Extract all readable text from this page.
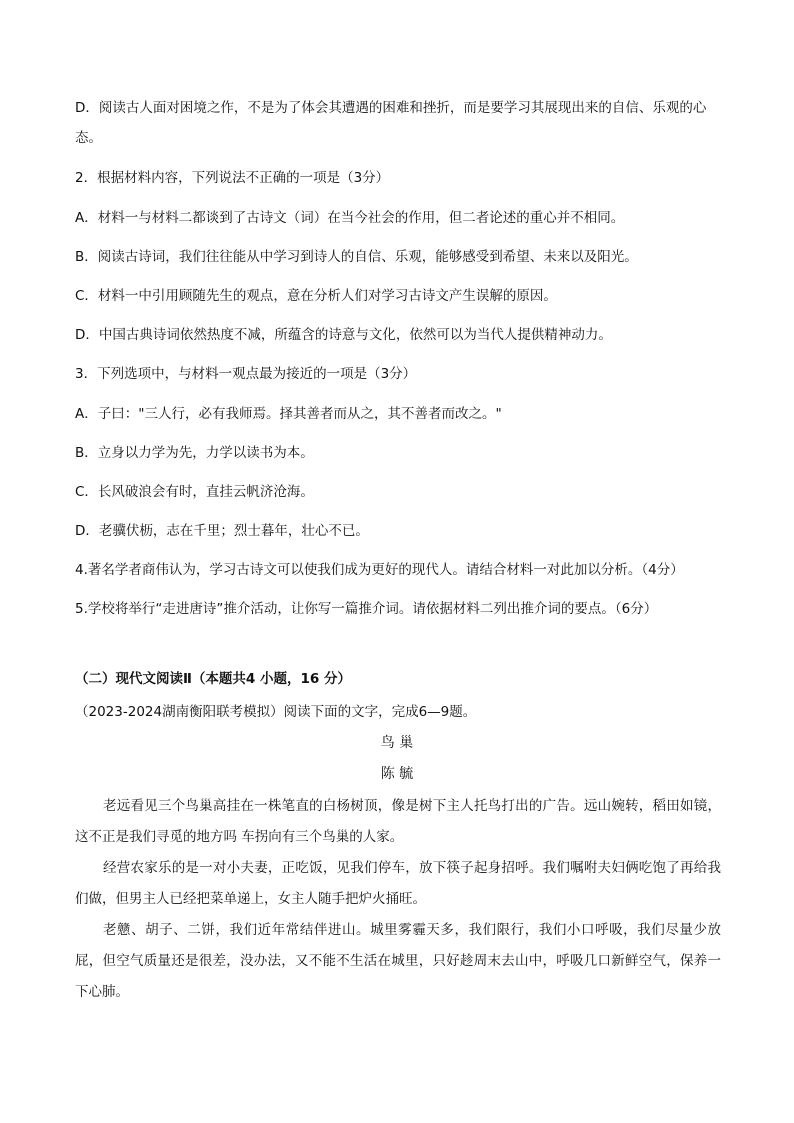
D．阅读古人面对困境之作，不是为了体会其遭遇的困难和挫折，而是要学习其展现出来的自信、乐观的心
态。
2．根据材料内容，下列说法不正确的一项是（3分）
A．材料一与材料二都谈到了古诗文（词）在当今社会的作用，但二者论述的重心并不相同。
B．阅读古诗词，我们往往能从中学习到诗人的自信、乐观，能够感受到希望、未来以及阳光。
C．材料一中引用顾随先生的观点，意在分析人们对学习古诗文产生误解的原因。
D．中国古典诗词依然热度不减，所蕴含的诗意与文化，依然可以为当代人提供精神动力。
3．下列选项中，与材料一观点最为接近的一项是（3分）
A．子曰："三人行，必有我师焉。择其善者而从之，其不善者而改之。"
B．立身以力学为先，力学以读书为本。
C．长风破浪会有时，直挂云帆济沧海。
D．老骥伏枥，志在千里；烈士暮年，壮心不已。
4.著名学者商伟认为，学习古诗文可以使我们成为更好的现代人。请结合材料一对此加以分析。（4分）
5.学校将举行“走进唐诗”推介活动，让你写一篇推介词。请依据材料二列出推介词的要点。（6分）
（二）现代文阅读Ⅱ（本题共4 小题，16 分）
（2023-2024湖南衡阳联考模拟）阅读下面的文字，完成6—9题。
鸟 巢
陈 毓
老远看见三个鸟巢高挂在一株笔直的白杨树顶，像是树下主人托鸟打出的广告。远山婉转，稻田如镜，这不正是我们寻觅的地方吗 车拐向有三个鸟巢的人家。
经营农家乐的是一对小夫妻，正吃饭，见我们停车，放下筷子起身招呼。我们嘱咐夫妇俩吃饱了再给我们做，但男主人已经把菜单递上，女主人随手把炉火捅旺。
老戆、胡子、二饼，我们近年常结伴进山。城里雾霾天多，我们限行，我们小口呼吸，我们尽量少放屁，但空气质量还是很差，没办法，又不能不生活在城里，只好趁周末去山中，呼吸几口新鲜空气，保养一下心肺。
